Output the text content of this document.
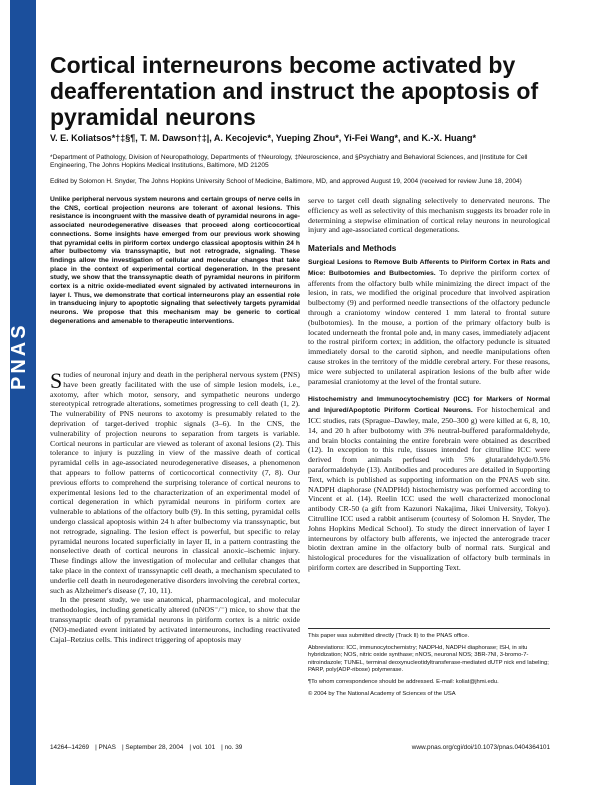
PNAS
Cortical interneurons become activated by deafferentation and instruct the apoptosis of pyramidal neurons
V. E. Koliatsos*†‡§¶, T. M. Dawson†‡|, A. Kecojevic*, Yueping Zhou*, Yi-Fei Wang*, and K.-X. Huang*
*Department of Pathology, Division of Neuropathology, Departments of †Neurology, ‡Neuroscience, and §Psychiatry and Behavioral Sciences, and |Institute for Cell Engineering, The Johns Hopkins Medical Institutions, Baltimore, MD 21205
Edited by Solomon H. Snyder, The Johns Hopkins University School of Medicine, Baltimore, MD, and approved August 19, 2004 (received for review June 18, 2004)

Unlike peripheral nervous system neurons and certain groups of nerve cells in the CNS, cortical projection neurons are tolerant of axonal lesions. This resistance is incongruent with the massive death of pyramidal neurons in age-associated neurodegenerative diseases that proceed along corticocortical connections. Some insights have emerged from our previous work showing that pyramidal cells in piriform cortex undergo classical apoptosis within 24 h after bulbectomy via transsynaptic, but not retrograde, signaling. These findings allow the investigation of cellular and molecular changes that take place in the context of experimental cortical degeneration. In the present study, we show that the transsynaptic death of pyramidal neurons in piriform cortex is a nitric oxide-mediated event signaled by activated interneurons in layer I. Thus, we demonstrate that cortical interneurons play an essential role in transducing injury to apoptotic signaling that selectively targets pyramidal neurons. We propose that this mechanism may be generic to cortical degenerations and amenable to therapeutic interventions.

Studies of neuronal injury and death in the peripheral nervous system (PNS) have been greatly facilitated with the use of simple lesion models, i.e., axotomy, after which motor, sensory, and sympathetic neurons undergo stereotypical retrograde alterations, sometimes progressing to cell death (1, 2). The vulnerability of PNS neurons to axotomy is presumably related to the deprivation of target-derived trophic signals (3–6). In the CNS, the vulnerability of projection neurons to separation from targets is variable. Cortical neurons in particular are viewed as tolerant of axonal lesions (2). This tolerance to injury is puzzling in view of the massive death of cortical pyramidal cells in age-associated neurodegenerative diseases, a phenomenon that appears to follow patterns of corticocortical connectivity (7, 8). Our previous efforts to comprehend the surprising tolerance of cortical neurons to experimental lesions led to the characterization of an experimental model of cortical degeneration in which pyramidal neurons in piriform cortex are vulnerable to ablations of the olfactory bulb (9). In this setting, pyramidal cells undergo classical apoptosis within 24 h after bulbectomy via transsynaptic, but not retrograde, signaling. The lesion effect is powerful, but specific to relay pyramidal neurons located superficially in layer II, in a pattern contrasting the nonselective death of cortical neurons in classical anoxic–ischemic injury. These findings allow the investigation of molecular and cellular changes that take place in the context of transsynaptic cell death, a mechanism speculated to underlie cell death in neurodegenerative disorders involving the cerebral cortex, such as Alzheimer's disease (7, 10, 11).

In the present study, we use anatomical, pharmacological, and molecular methodologies, including genetically altered (nNOS⁻/⁻) mice, to show that the transsynaptic death of pyramidal neurons in piriform cortex is a nitric oxide (NO)-mediated event initiated by activated interneurons, including reactivated Cajal–Retzius cells. This indirect triggering of apoptosis may

serve to target cell death signaling selectively to denervated neurons. The efficiency as well as selectivity of this mechanism suggests its broader role in determining a stepwise elimination of cortical relay neurons in neurological injury and age-associated cortical degenerations.

Materials and Methods

Surgical Lesions to Remove Bulb Afferents to Piriform Cortex in Rats and Mice: Bulbotomies and Bulbectomies. To deprive the piriform cortex of afferents from the olfactory bulb while minimizing the direct impact of the lesion, in rats, we modified the original procedure that involved aspiration bulbectomy (9) and performed needle transections of the olfactory peduncle through a craniotomy window centered 1 mm lateral to frontal suture (bulbotomies). In the mouse, a portion of the primary olfactory bulb is located underneath the frontal pole and, in many cases, immediately adjacent to the rostral piriform cortex; in addition, the olfactory peduncle is situated immediately dorsal to the carotid siphon, and needle manipulations often cause strokes in the territory of the middle cerebral artery. For these reasons, mice were subjected to unilateral aspiration lesions of the bulb after wide paramesial craniotomy at the level of the frontal suture.

Histochemistry and Immunocytochemistry (ICC) for Markers of Normal and Injured/Apoptotic Piriform Cortical Neurons. For histochemical and ICC studies, rats (Sprague–Dawley, male, 250–300 g) were killed at 6, 8, 10, 14, and 20 h after bulbotomy with 3% neutral-buffered paraformaldehyde, and brain blocks containing the entire forebrain were obtained as described (12). In exception to this rule, tissues intended for citrulline ICC were derived from animals perfused with 5% glutaraldehyde/0.5% paraformaldehyde (13). Antibodies and procedures are detailed in Supporting Text, which is published as supporting information on the PNAS web site. NADPH diaphorase (NADPHd) histochemistry was performed according to Vincent et al. (14). Reelin ICC used the well characterized monoclonal antibody CR-50 (a gift from Kazunori Nakajima, Jikei University, Tokyo). Citrulline ICC used a rabbit antiserum (courtesy of Solomon H. Snyder, The Johns Hopkins Medical School). To study the direct innervation of layer I interneurons by olfactory bulb afferents, we injected the anterograde tracer biotin dextran amine in the olfactory bulb of normal rats. Surgical and histological procedures for the visualization of olfactory bulb terminals in piriform cortex are described in Supporting Text.

This paper was submitted directly (Track II) to the PNAS office.

Abbreviations: ICC, immunocytochemistry; NADPHd, NADPH diaphorase; ISH, in situ hybridization; NOS, nitric oxide synthase; nNOS, neuronal NOS; 3BR-7NI, 3-bromo-7-nitroindazole; TUNEL, terminal deoxynucleotidyltransferase-mediated dUTP nick end labeling; PARP, poly(ADP-ribose) polymerase.

¶To whom correspondence should be addressed. E-mail: koliat@jhmi.edu.

© 2004 by The National Academy of Sciences of the USA

14264–14269 | PNAS | September 28, 2004 | vol. 101 | no. 39	www.pnas.org/cgi/doi/10.1073/pnas.0404364101
